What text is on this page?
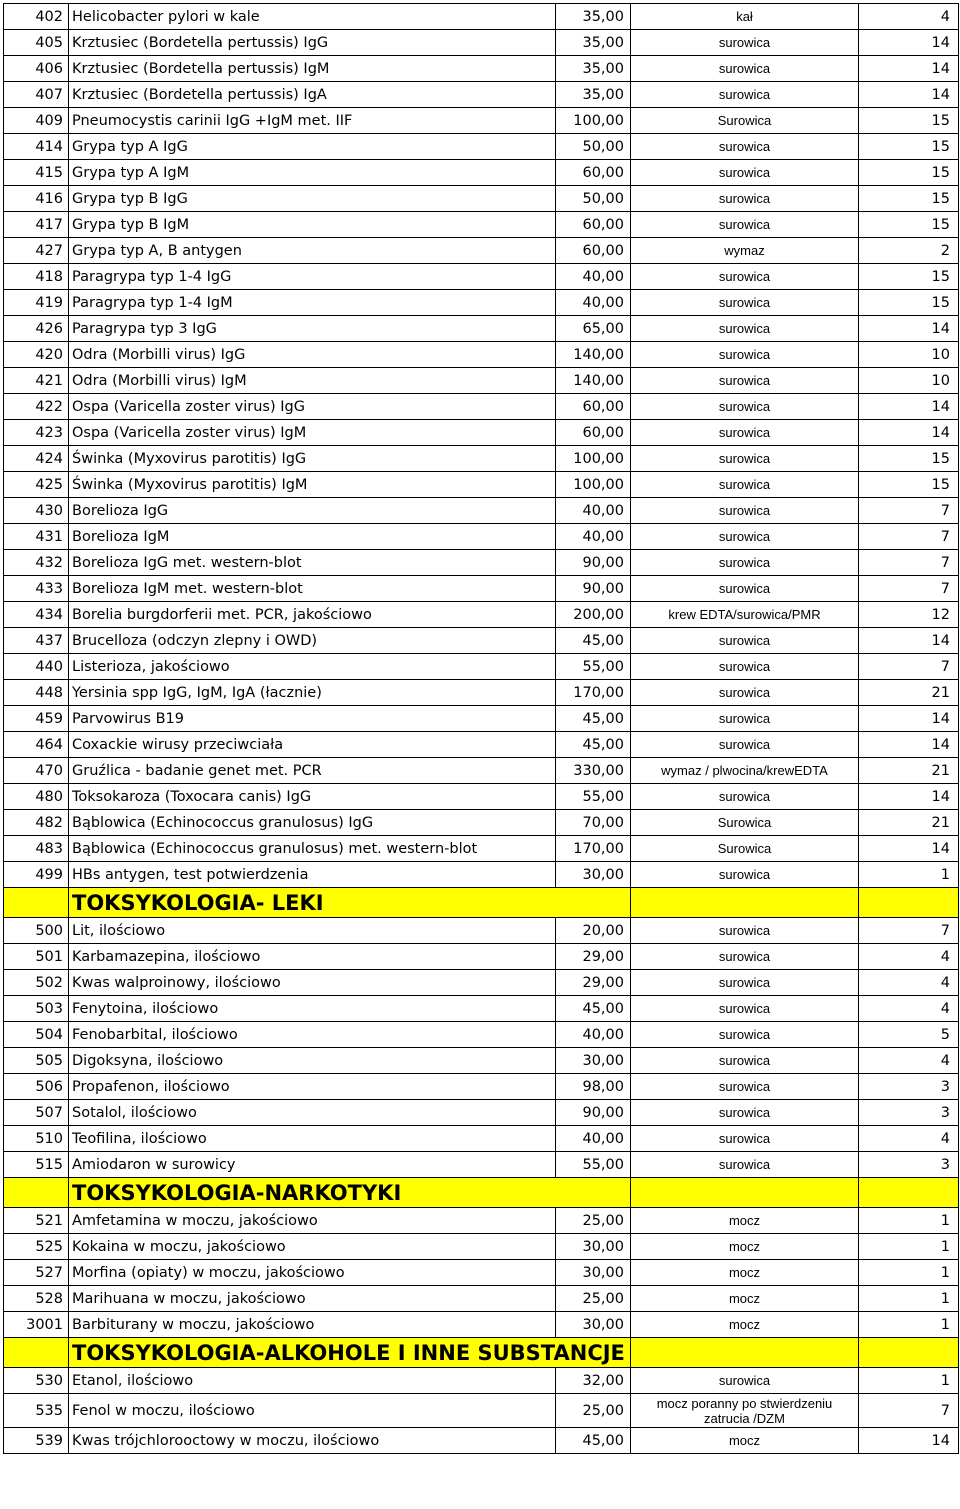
402	Helicobacter pylori w kale	35,00	kał	4
405	Krztusiec (Bordetella pertussis) IgG	35,00	surowica	14
406	Krztusiec (Bordetella pertussis) IgM	35,00	surowica	14
407	Krztusiec (Bordetella pertussis) IgA	35,00	surowica	14
409	Pneumocystis carinii IgG +IgM met. IIF	100,00	Surowica	15
414	Grypa typ A IgG	50,00	surowica	15
415	Grypa typ A IgM	60,00	surowica	15
416	Grypa typ B IgG	50,00	surowica	15
417	Grypa typ B IgM	60,00	surowica	15
427	Grypa typ A, B antygen	60,00	wymaz	2
418	Paragrypa typ 1-4 IgG	40,00	surowica	15
419	Paragrypa typ 1-4 IgM	40,00	surowica	15
426	Paragrypa typ 3 IgG	65,00	surowica	14
420	Odra (Morbilli virus) IgG	140,00	surowica	10
421	Odra (Morbilli virus) IgM	140,00	surowica	10
422	Ospa (Varicella zoster virus) IgG	60,00	surowica	14
423	Ospa (Varicella zoster virus) IgM	60,00	surowica	14
424	Świnka (Myxovirus parotitis) IgG	100,00	surowica	15
425	Świnka (Myxovirus parotitis) IgM	100,00	surowica	15
430	Borelioza IgG	40,00	surowica	7
431	Borelioza IgM	40,00	surowica	7
432	Borelioza IgG met. western-blot	90,00	surowica	7
433	Borelioza IgM met. western-blot	90,00	surowica	7
434	Borelia burgdorferii met. PCR, jakościowo	200,00	krew EDTA/surowica/PMR	12
437	Brucelloza (odczyn zlepny i OWD)	45,00	surowica	14
440	Listerioza, jakościowo	55,00	surowica	7
448	Yersinia spp IgG, IgM, IgA (łacznie)	170,00	surowica	21
459	Parvowirus B19	45,00	surowica	14
464	Coxackie wirusy przeciwciała	45,00	surowica	14
470	Gruźlica - badanie genet met. PCR	330,00	wymaz / plwocina/krewEDTA	21
480	Toksokaroza (Toxocara canis) IgG	55,00	surowica	14
482	Bąblowica (Echinococcus granulosus) IgG	70,00	Surowica	21
483	Bąblowica (Echinococcus granulosus) met. western-blot	170,00	Surowica	14
499	HBs antygen, test potwierdzenia	30,00	surowica	1
	TOKSYKOLOGIA- LEKI			
500	Lit, ilościowo	20,00	surowica	7
501	Karbamazepina, ilościowo	29,00	surowica	4
502	Kwas walproinowy, ilościowo	29,00	surowica	4
503	Fenytoina, ilościowo	45,00	surowica	4
504	Fenobarbital, ilościowo	40,00	surowica	5
505	Digoksyna, ilościowo	30,00	surowica	4
506	Propafenon, ilościowo	98,00	surowica	3
507	Sotalol, ilościowo	90,00	surowica	3
510	Teofilina, ilościowo	40,00	surowica	4
515	Amiodaron w surowicy	55,00	surowica	3
	TOKSYKOLOGIA-NARKOTYKI			
521	Amfetamina w moczu, jakościowo	25,00	mocz	1
525	Kokaina w moczu, jakościowo	30,00	mocz	1
527	Morfina (opiaty) w moczu, jakościowo	30,00	mocz	1
528	Marihuana w moczu, jakościowo	25,00	mocz	1
3001	Barbiturany w moczu, jakościowo	30,00	mocz	1
	TOKSYKOLOGIA-ALKOHOLE I INNE SUBSTANCJE			
530	Etanol, ilościowo	32,00	surowica	1
535	Fenol w moczu, ilościowo	25,00	mocz poranny po stwierdzeniu zatrucia /DZM	7
539	Kwas trójchlorooctowy w moczu, ilościowo	45,00	mocz	14
